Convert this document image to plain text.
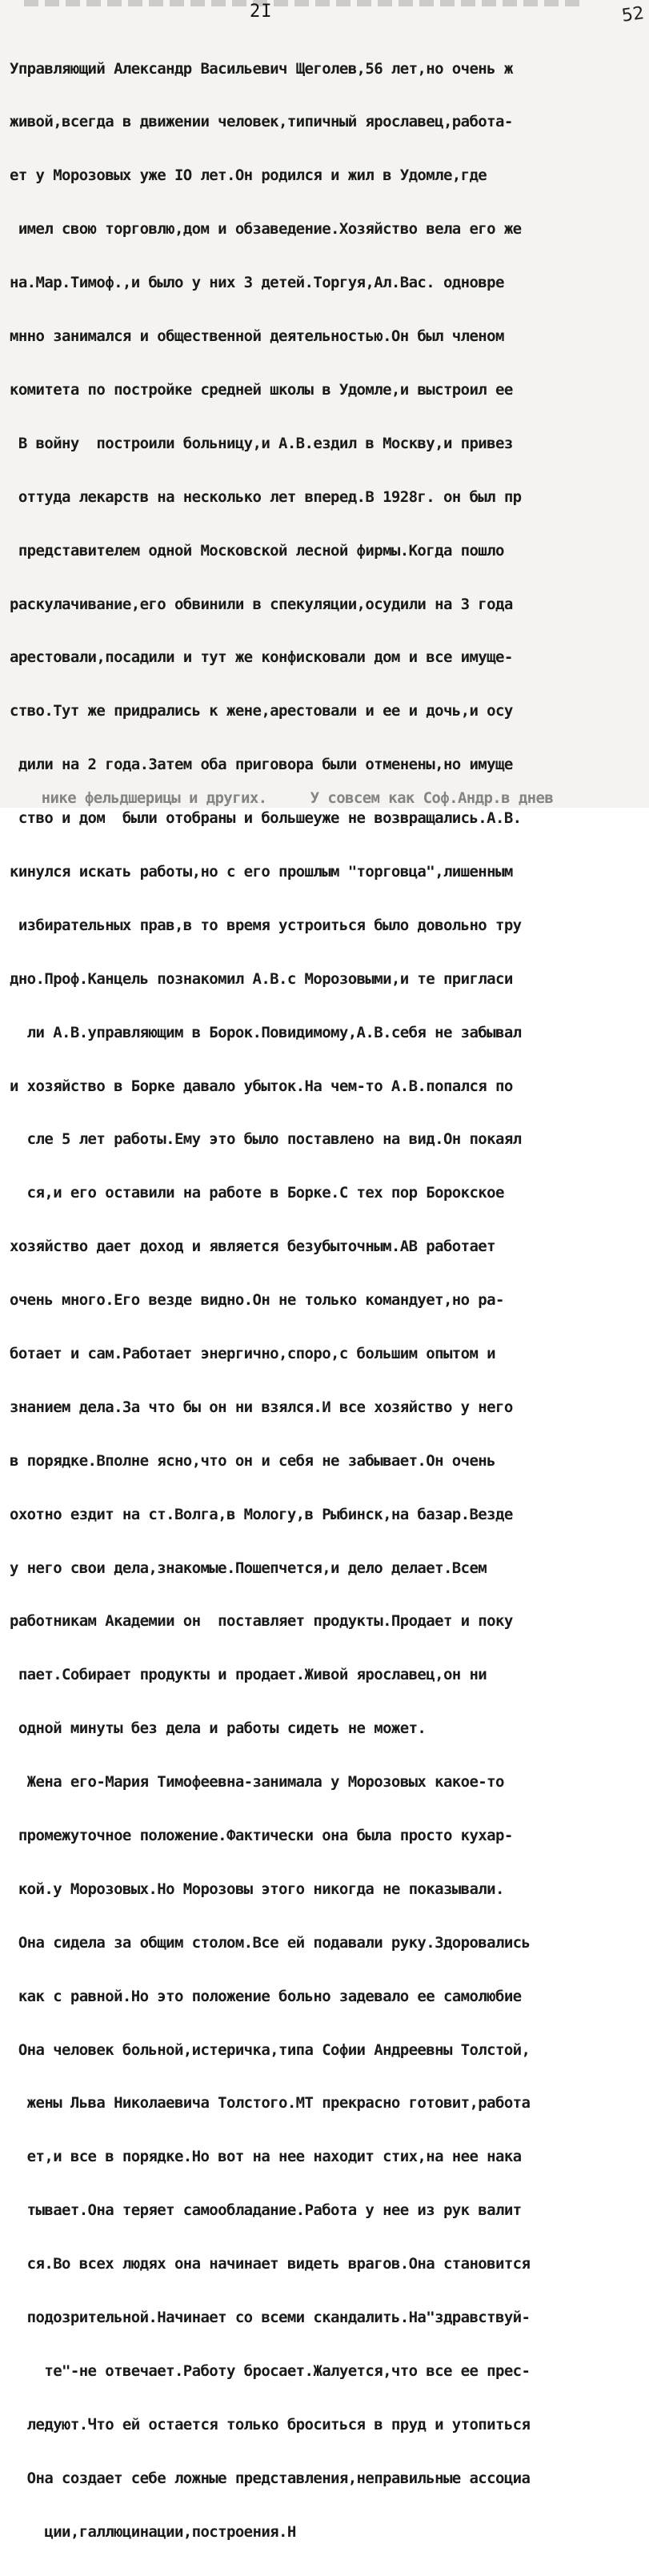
2I	52

Управляющий Александр Васильевич Щеголев,56 лет,но очень ж

живой,всегда в движении человек,типичный ярославец,работа-

ет у Морозовых уже IO лет.Он родился и жил в Удомле,где

имел свою торговлю,дом и обзаведение.Хозяйство вела его же

на.Мар.Тимоф.,и было у них 3 детей.Торгуя,Ал.Вас. одновре

мнно занимался и общественной деятельностью.Он был членом

комитета по постройке средней школы в Удомле,и выстроил ее

В войну  построили больницу,и А.В.ездил в Москву,и привез

оттуда лекарств на несколько лет вперед.В 1928г. он был пр

представителем одной Московской лесной фирмы.Когда пошло

раскулачивание,его обвинили в спекуляции,осудили на 3 года

арестовали,посадили и тут же конфисковали дом и все имуще-

ство.Тут же придрались к жене,арестовали и ее и дочь,и осу

дили на 2 года.Затем оба приговора были отменены,но имуще

ство и дом  были отобраны и большеуже не возвращались.А.В.

кинулся искать работы,но с его прошлым "торговца",лишенным

избирательных прав,в то время устроиться было довольно тру

дно.Проф.Канцель познакомил А.В.с Морозовыми,и те пригласи

ли А.В.управляющим в Борок.Повидимому,А.В.себя не забывал

и хозяйство в Борке давало убыток.На чем-то А.В.попался по

сле 5 лет работы.Ему это было поставлено на вид.Он покаял

ся,и его оставили на работе в Борке.С тех пор Борокское

хозяйство дает доход и является безубыточным.АВ работает

очень много.Его везде видно.Он не только командует,но ра-

ботает и сам.Работает энергично,споро,с большим опытом и

знанием дела.За что бы он ни взялся.И все хозяйство у него

в порядке.Вполне ясно,что он и себя не забывает.Он очень

охотно ездит на ст.Волга,в Мологу,в Рыбинск,на базар.Везде

у него свои дела,знакомые.Пошепчется,и дело делает.Всем

работникам Академии он  поставляет продукты.Продает и поку

пает.Собирает продукты и продает.Живой ярославец,он ни

одной минуты без дела и работы сидеть не может.

Жена его-Мария Тимофеевна-занимала у Морозовых какое-то

промежуточное положение.Фактически она была просто кухар-

кой.у Морозовых.Но Морозовы этого никогда не показывали.

Она сидела за общим столом.Все ей подавали руку.Здоровались

как с равной.Но это положение больно задевало ее самолюбие

Она человек больной,истеричка,типа Софии Андреевны Толстой,

жены Льва Николаевича Толстого.МТ прекрасно готовит,работа

ет,и все в порядке.Но вот на нее находит стих,на нее нака

тывает.Она теряет самообладание.Работа у нее из рук валит

ся.Во всех людях она начинает видеть врагов.Она становится

подозрительной.Начинает со всеми скандалить.На"здравствуй-

те"-не отвечает.Работу бросает.Жалуется,что все ее прес-

ледуют.Что ей остается только броситься в пруд и утопиться

Она создает себе ложные представления,неправильные ассоциа

ции,галлюцинации,построения.Н

нике фельдшерицы и других.     У совсем как Соф.Андр.в днев
